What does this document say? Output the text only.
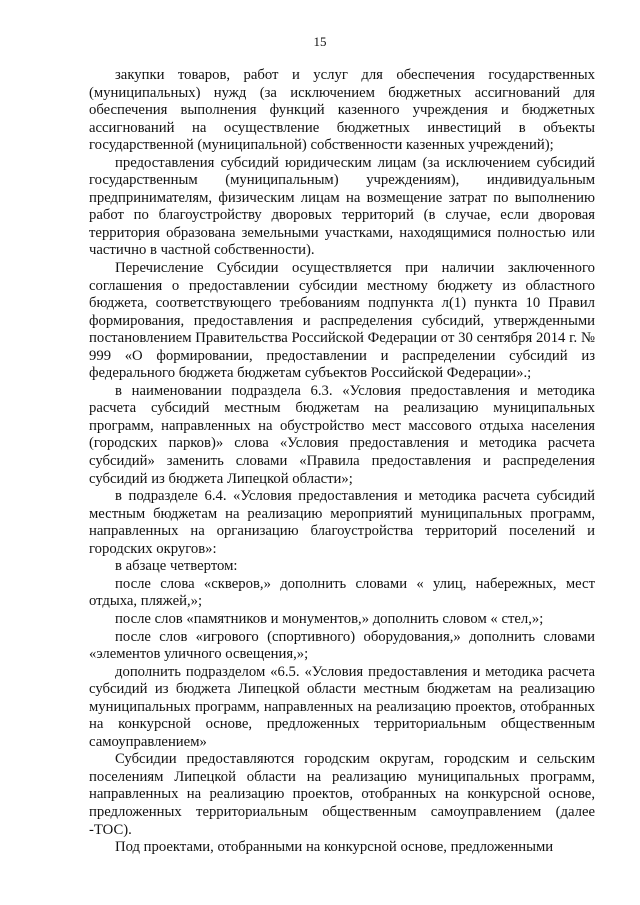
15

закупки товаров, работ и услуг для обеспечения государственных (муниципальных) нужд (за исключением бюджетных ассигнований для обеспечения выполнения функций казенного учреждения и бюджетных ассигнований на осуществление бюджетных инвестиций в объекты государственной (муниципальной) собственности казенных учреждений);

предоставления субсидий юридическим лицам (за исключением субсидий государственным (муниципальным) учреждениям), индивидуальным предпринимателям, физическим лицам на возмещение затрат по выполнению работ по благоустройству дворовых территорий (в случае, если дворовая территория образована земельными участками, находящимися полностью или частично в частной собственности).

Перечисление Субсидии осуществляется при наличии заключенного соглашения о предоставлении субсидии местному бюджету из областного бюджета, соответствующего требованиям подпункта л(1) пункта 10 Правил формирования, предоставления и распределения субсидий, утвержденными постановлением Правительства Российской Федерации от 30 сентября 2014 г. № 999 «О формировании, предоставлении и распределении субсидий из федерального бюджета бюджетам субъектов Российской Федерации».;

в наименовании подраздела 6.3. «Условия предоставления и методика расчета субсидий местным бюджетам на реализацию муниципальных программ, направленных на обустройство мест массового отдыха населения (городских парков)» слова «Условия предоставления и методика расчета субсидий» заменить словами «Правила предоставления и распределения субсидий из бюджета Липецкой области»;

в подразделе 6.4. «Условия предоставления и методика расчета субсидий местным бюджетам на реализацию мероприятий муниципальных программ, направленных на организацию благоустройства территорий поселений и городских округов»:

в абзаце четвертом:

после слова «скверов,» дополнить словами « улиц, набережных, мест отдыха, пляжей,»;

после слов «памятников и монументов,» дополнить словом « стел,»;

после слов «игрового (спортивного) оборудования,» дополнить словами «элементов уличного освещения,»;

дополнить подразделом «6.5. «Условия предоставления и методика расчета субсидий из бюджета Липецкой области местным бюджетам на реализацию муниципальных программ, направленных на реализацию проектов, отобранных на конкурсной основе, предложенных территориальным общественным самоуправлением»

Субсидии предоставляются городским округам, городским и сельским поселениям Липецкой области на реализацию муниципальных программ, направленных на реализацию проектов, отобранных на конкурсной основе, предложенных территориальным общественным самоуправлением (далее -ТОС).

Под проектами, отобранными на конкурсной основе, предложенными
